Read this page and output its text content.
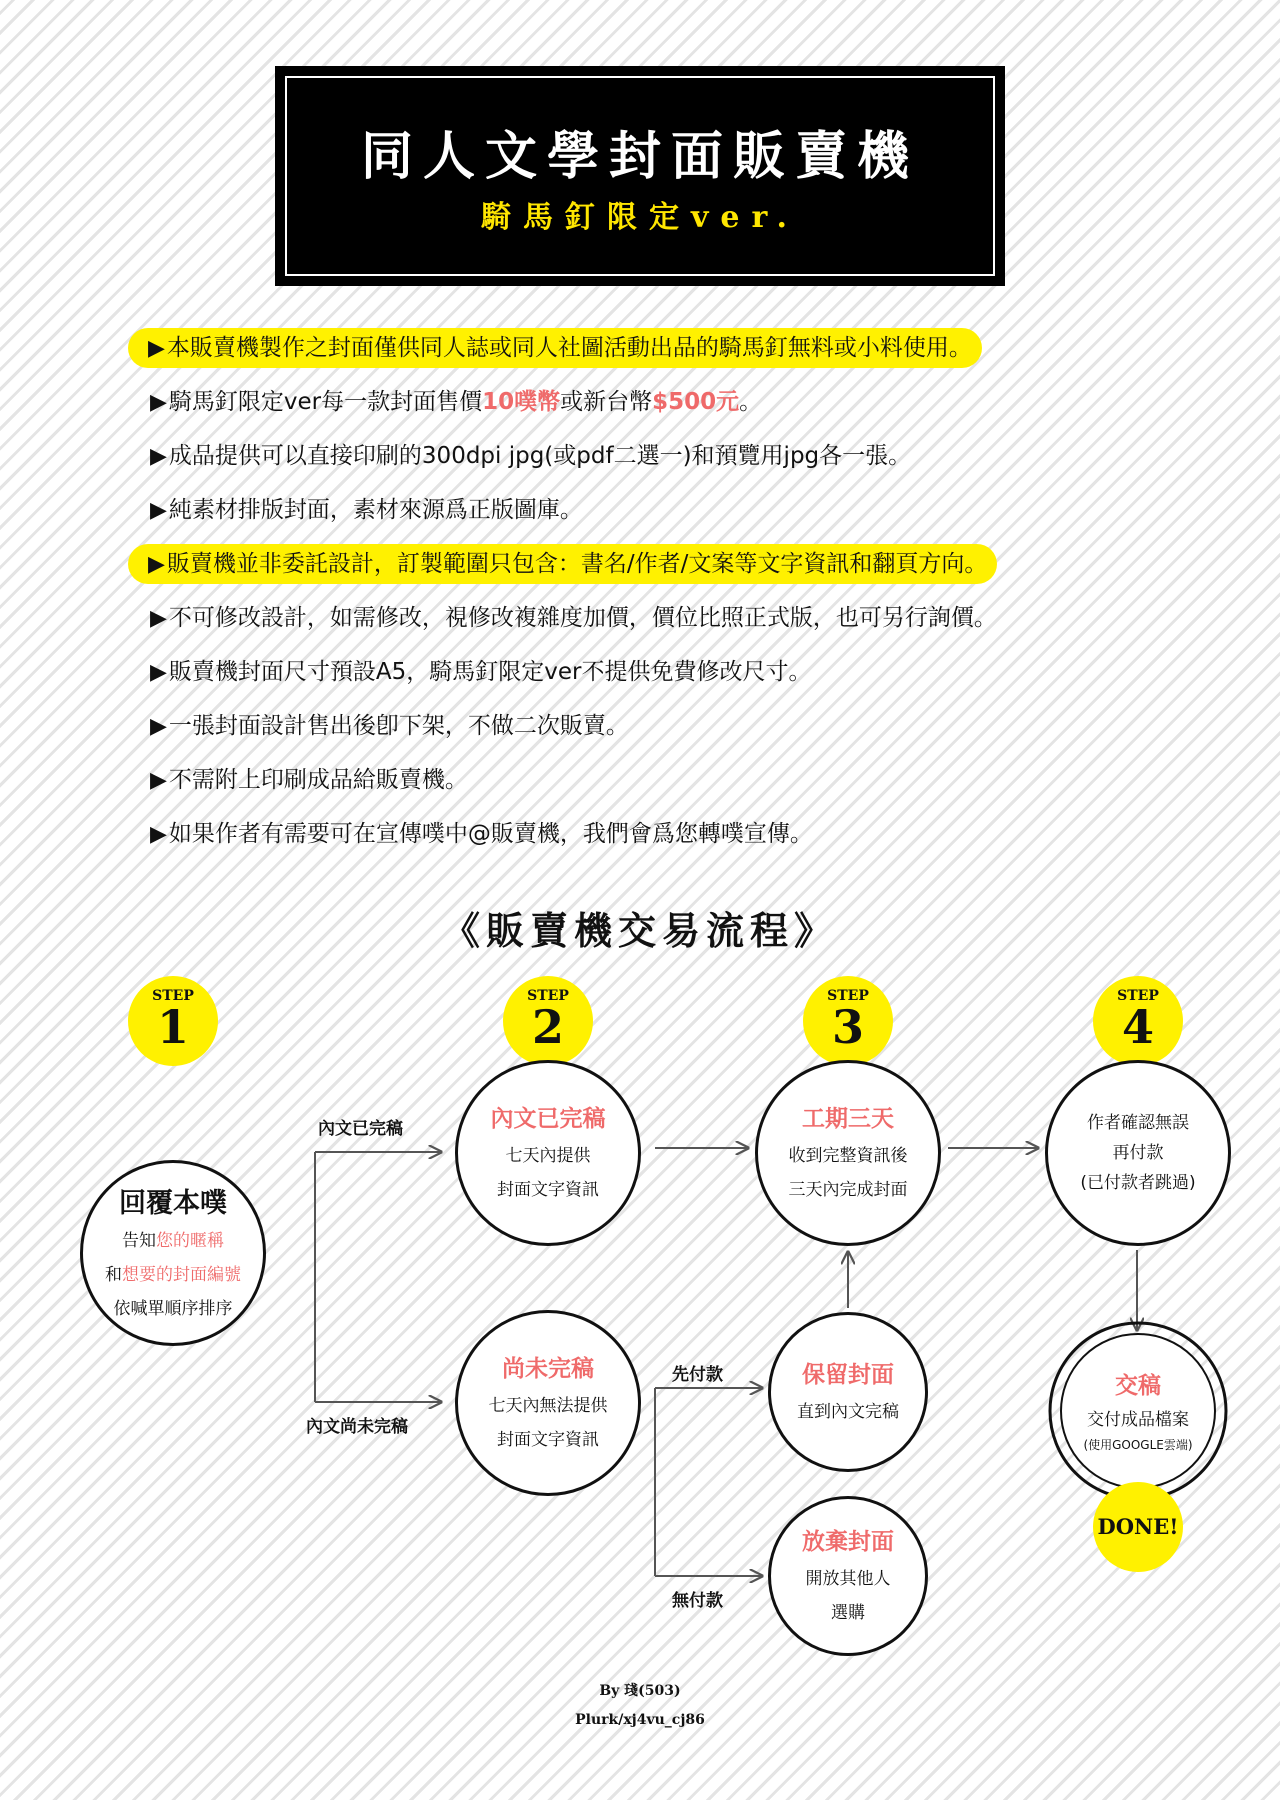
同人文學封面販賣機
騎馬釘限定ver.
▶本販賣機製作之封面僅供同人誌或同人社圖活動出品的騎馬釘無料或小料使用。
▶騎馬釘限定ver每一款封面售價10噗幣或新台幣$500元。
▶成品提供可以直接印刷的300dpi jpg(或pdf二選一)和預覽用jpg各一張。
▶純素材排版封面，素材來源爲正版圖庫。
▶販賣機並非委託設計，訂製範圍只包含：書名/作者/文案等文字資訊和翻頁方向。
▶不可修改設計，如需修改，視修改複雜度加價，價位比照正式版，也可另行詢價。
▶販賣機封面尺寸預設A5，騎馬釘限定ver不提供免費修改尺寸。
▶一張封面設計售出後卽下架，不做二次販賣。
▶不需附上印刷成品給販賣機。
▶如果作者有需要可在宣傳噗中@販賣機，我們會爲您轉噗宣傳。
《販賣機交易流程》
STEP
1
STEP
2
STEP
3
STEP
4
回覆本噗
告知您的暱稱
和想要的封面編號
依喊單順序排序
內文已完稿
七天內提供
封面文字資訊
尚未完稿
七天內無法提供
封面文字資訊
工期三天
收到完整資訊後
三天內完成封面
保留封面
直到內文完稿
放棄封面
開放其他人
選購
作者確認無誤
再付款
(已付款者跳過)
交稿
交付成品檔案
(使用GOOGLE雲端)
DONE!
內文已完稿
內文尚未完稿
先付款
無付款
By 琖(503)
Plurk/xj4vu_cj86
